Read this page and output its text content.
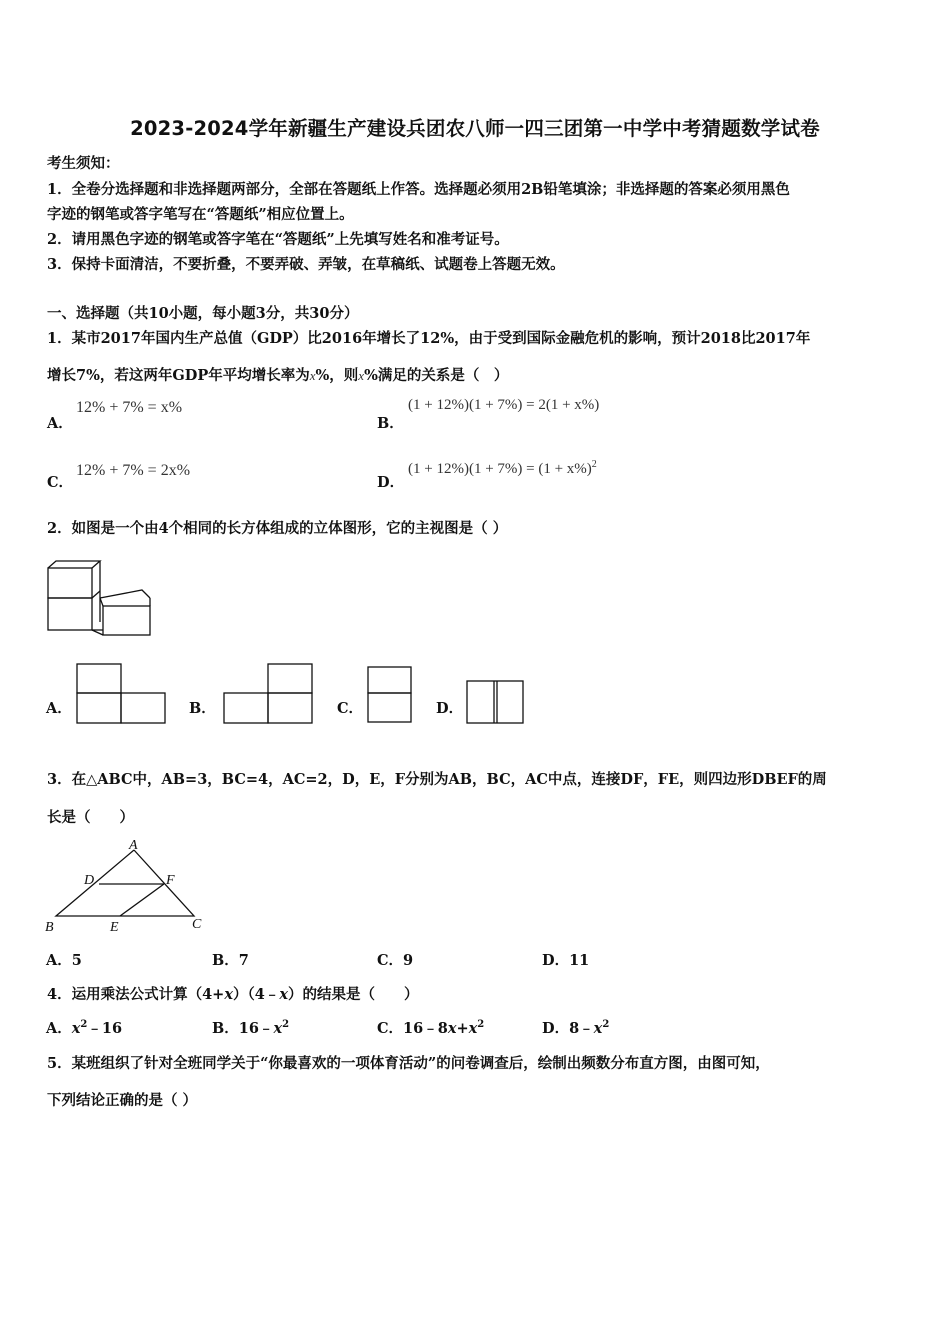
2023-2024学年新疆生产建设兵团农八师一四三团第一中学中考猜题数学试卷
考生须知：
1．全卷分选择题和非选择题两部分，全部在答题纸上作答。选择题必须用2B铅笔填涂；非选择题的答案必须用黑色
字迹的钢笔或答字笔写在“答题纸”相应位置上。
2．请用黑色字迹的钢笔或答字笔在“答题纸”上先填写姓名和准考证号。
3．保持卡面清洁，不要折叠，不要弄破、弄皱，在草稿纸、试题卷上答题无效。
一、选择题（共10小题，每小题3分，共30分）
1．某市2017年国内生产总值（GDP）比2016年增长了12%，由于受到国际金融危机的影响，预计2018比2017年
增长7%，若这两年GDP年平均增长率为x%，则x%满足的关系是（　）
A．
12% + 7% = x%
B．
(1 + 12%)(1 + 7%) = 2(1 + x%)
C．
12% + 7% = 2x%
D．
$(1 + 12\%)(1 + 7\%) = (1 + x\%)^2$
2．如图是一个由4个相同的长方体组成的立体图形，它的主视图是（ ）
A．	B．	C．	D．
3．在△ABC中，AB=3，BC=4，AC=2，D，E，F分别为AB，BC，AC中点，连接DF，FE，则四边形DBEF的周
长是（　　）
A
D	F
B	E	C
A．5	B．7	C．9	D．11
4．运用乘法公式计算（4+x）（4﹣x）的结果是（　　）
A．$x^2﹣16$	B．$16﹣x^2$	C．$16﹣8x+x^2$	D．$8﹣x^2$
5．某班组织了针对全班同学关于“你最喜欢的一项体育活动”的问卷调查后，绘制出频数分布直方图，由图可知，
下列结论正确的是（ ）
